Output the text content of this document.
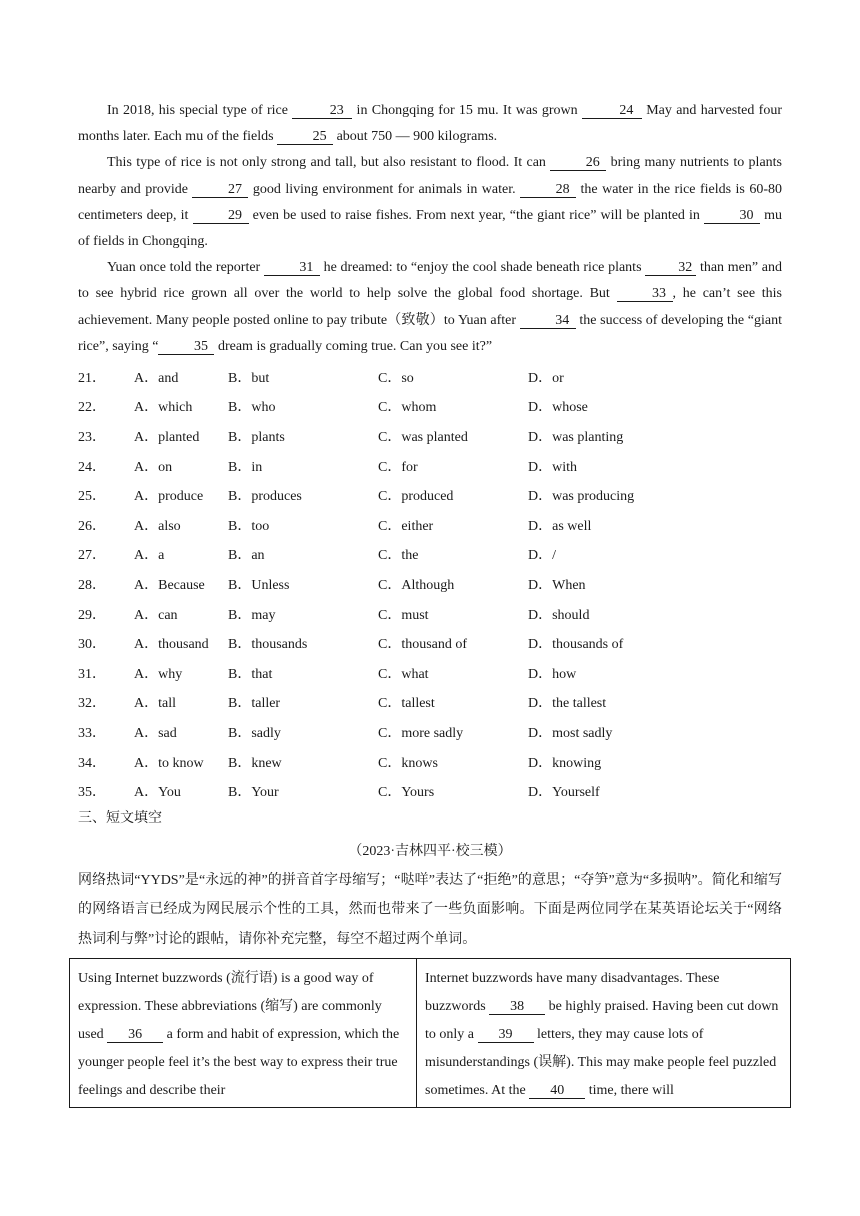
In 2018, his special type of rice	23 in Chongqing for 15 mu. It was grown	24 May and harvested four months later. Each mu of the fields	25 about 750 — 900 kilograms.

This type of rice is not only strong and tall, but also resistant to flood. It can	26 bring many nutrients to plants nearby and provide	27 good living environment for animals in water.	28 the water in the rice fields is 60-80 centimeters deep, it	29 even be used to raise fishes. From next year, “the giant rice” will be planted in	30 mu of fields in Chongqing.

Yuan once told the reporter	31 he dreamed: to “enjoy the cool shade beneath rice plants 32 than men” and to see hybrid rice grown all over the world to help solve the global food shortage. But	33 , he can’t see this achievement. Many people posted online to pay tribute（致敬）to Yuan after	34 the success of developing the “giant rice”, saying “	35 dream is gradually coming true. Can you see it?”

21．	A．and	B．but	C．so	D．or
22．	A．which	B．who	C．whom	D．whose
23．	A．planted	B．plants	C．was planted	D．was planting
24．	A．on	B．in	C．for	D．with
25．	A．produce	B．produces	C．produced	D．was producing
26．	A．also	B．too	C．either	D．as well
27．	A．a	B．an	C．the	D．/
28．	A．Because	B．Unless	C．Although	D．When
29．	A．can	B．may	C．must	D．should
30．	A．thousand	B．thousands	C．thousand of	D．thousands of
31．	A．why	B．that	C．what	D．how
32．	A．tall	B．taller	C．tallest	D．the tallest
33．	A．sad	B．sadly	C．more sadly	D．most sadly
34．	A．to know	B．knew	C．knows	D．knowing
35．	A．You	B．Your	C．Yours	D．Yourself
三、短文填空
（2023·吉林四平·校三模）

网络热词“YYDS”是“永远的神”的拼音首字母缩写；“哒咩”表达了“拒绝”的意思；“夺笋”意为“多损呐”。简化和缩写的网络语言已经成为网民展示个性的工具，然而也带来了一些负面影响。下面是两位同学在某英语论坛关于“网络热词利与弊”讨论的跟帖，请你补充完整，每空不超过两个单词。

Using Internet buzzwords (流行语) is a good way of expression. These abbreviations (缩写) are commonly used 36 a form and habit of expression, which the younger people feel it’s the best way to express their true feelings and describe their
Internet buzzwords have many disadvantages. These buzzwords 38 be highly praised. Having been cut down to only a 39 letters, they may cause lots of misunderstandings (误解). This may make people feel puzzled sometimes. At the 40 time, there will
